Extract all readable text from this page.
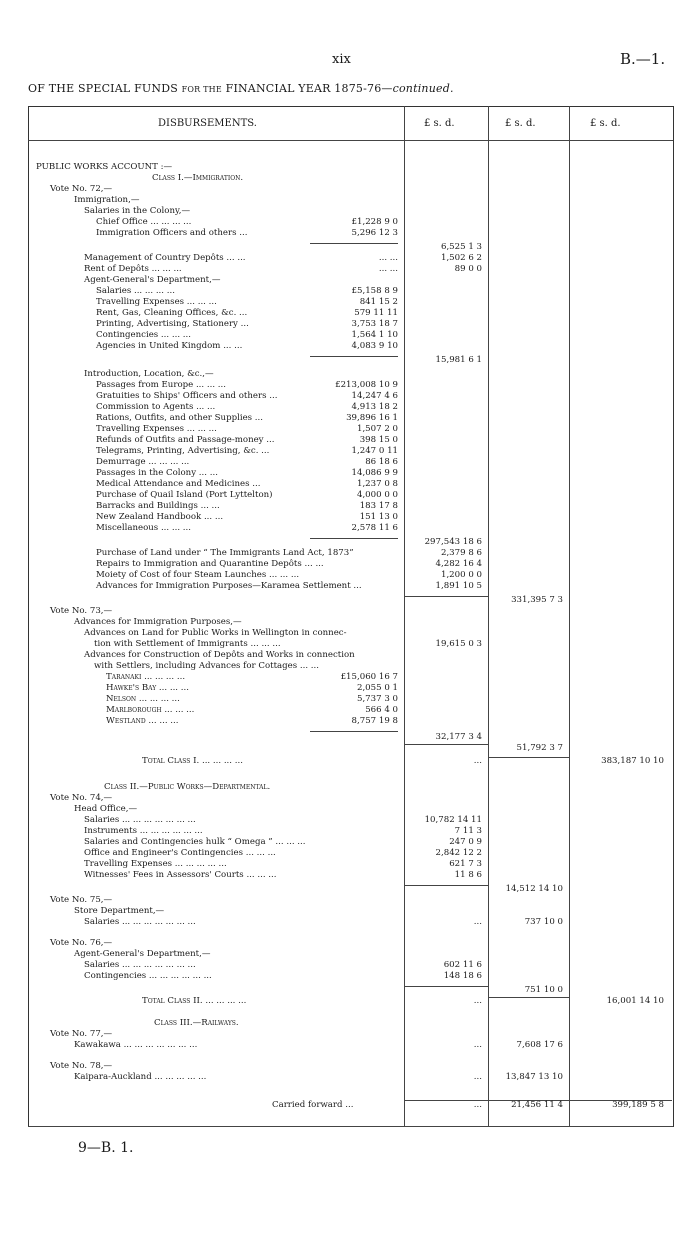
xix	B.—1.
OF THE SPECIAL FUNDS FOR THE FINANCIAL YEAR 1875-76—continued.
DISBURSEMENTS.	£ s. d.	£ s. d.	£ s. d.
PUBLIC WORKS ACCOUNT :—
Class I.—Immigration.
Vote No. 72,—
Immigration,—
Salaries in the Colony,—
Chief Office ... ... ... ...	£1,228 9 0
Immigration Officers and others ...	5,296 12 3
6,525 1 3
Management of Country Depôts ... ...	... ...	1,502 6 2
Rent of Depôts ... ... ...	... ...	89 0 0
Agent-General's Department,—
Salaries ... ... ... ...	£5,158 8 9
Travelling Expenses ... ... ...	841 15 2
Rent, Gas, Cleaning Offices, &c. ...	579 11 11
Printing, Advertising, Stationery ...	3,753 18 7
Contingencies ... ... ...	1,564 1 10
Agencies in United Kingdom ... ...	4,083 9 10
15,981 6 1
Introduction, Location, &c.,—
Passages from Europe ... ... ...	£213,008 10 9
Gratuities to Ships' Officers and others ...	14,247 4 6
Commission to Agents ... ...	4,913 18 2
Rations, Outfits, and other Supplies ...	39,896 16 1
Travelling Expenses ... ... ...	1,507 2 0
Refunds of Outfits and Passage-money ...	398 15 0
Telegrams, Printing, Advertising, &c. ...	1,247 0 11
Demurrage ... ... ... ...	86 18 6
Passages in the Colony ... ...	14,086 9 9
Medical Attendance and Medicines ...	1,237 0 8
Purchase of Quail Island (Port Lyttelton)	4,000 0 0
Barracks and Buildings ... ...	183 17 8
New Zealand Handbook ... ...	151 13 0
Miscellaneous ... ... ...	2,578 11 6
297,543 18 6
Purchase of Land under “ The Immigrants Land Act, 1873”	2,379 8 6
Repairs to Immigration and Quarantine Depôts ... ...	4,282 16 4
Moiety of Cost of four Steam Launches ... ... ...	1,200 0 0
Advances for Immigration Purposes—Karamea Settlement ...	1,891 10 5
331,395 7 3
Vote No. 73,—
Advances for Immigration Purposes,—
Advances on Land for Public Works in Wellington in connec-
tion with Settlement of Immigrants ... ... ...	19,615 0 3
Advances for Construction of Depôts and Works in connection
with Settlers, including Advances for Cottages ... ...
Taranaki ... ... ... ...	£15,060 16 7
Hawke's Bay ... ... ...	2,055 0 1
Nelson ... ... ... ...	5,737 3 0
Marlborough ... ... ...	566 4 0
Westland ... ... ...	8,757 19 8
32,177 3 4
51,792 3 7
Total Class I. ... ... ... ...	...	383,187 10 10
Class II.—Public Works—Departmental.
Vote No. 74,—
Head Office,—
Salaries ... ... ... ... ... ... ...	10,782 14 11
Instruments ... ... ... ... ... ...	7 11 3
Salaries and Contingencies hulk “ Omega ” ... ... ...	247 0 9
Office and Engineer's Contingencies ... ... ...	2,842 12 2
Travelling Expenses ... ... ... ... ...	621 7 3
Witnesses' Fees in Assessors' Courts ... ... ...	11 8 6
14,512 14 10
Vote No. 75,—
Store Department,—
Salaries ... ... ... ... ... ... ...	...	737 10 0
Vote No. 76,—
Agent-General's Department,—
Salaries ... ... ... ... ... ... ...	602 11 6
Contingencies ... ... ... ... ... ...	148 18 6
751 10 0
Total Class II. ... ... ... ...	...	16,001 14 10
Class III.—Railways.
Vote No. 77,—
Kawakawa ... ... ... ... ... ... ...	...	7,608 17 6
Vote No. 78,—
Kaipara-Auckland ... ... ... ... ...	...	13,847 13 10
Carried forward ...	...	21,456 11 4	399,189 5 8
9—B. 1.
